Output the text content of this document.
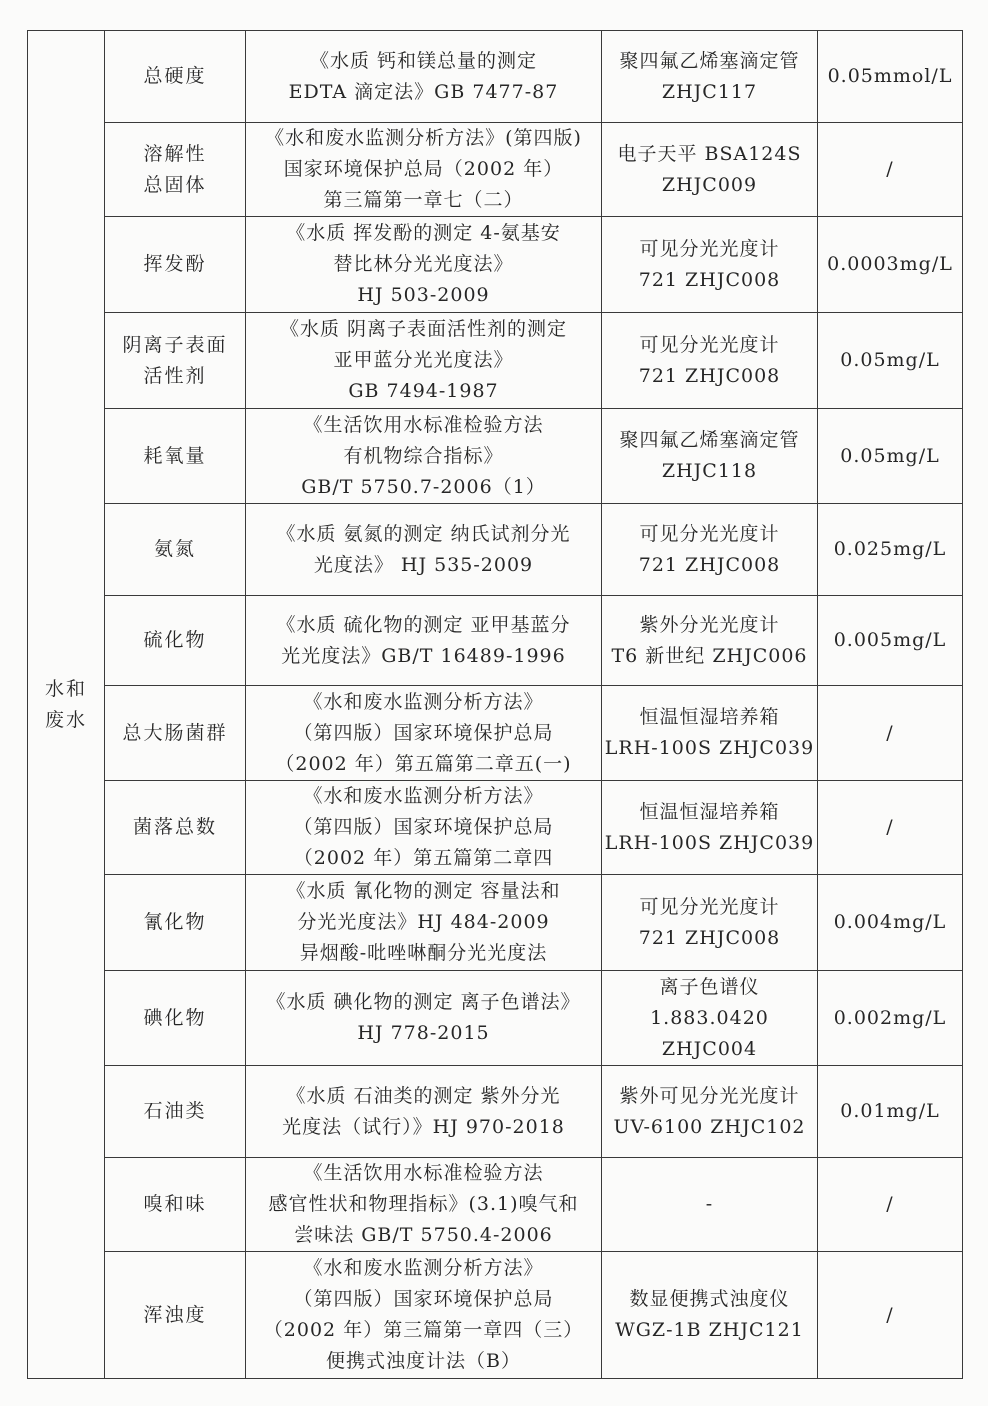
水和
废水
总硬度
《水质 钙和镁总量的测定
EDTA 滴定法》GB 7477-87
聚四氟乙烯塞滴定管
ZHJC117
0.05mmol/L
溶解性
总固体
《水和废水监测分析方法》(第四版)
国家环境保护总局（2002 年）
第三篇第一章七（二）
电子天平 BSA124S
ZHJC009
/
挥发酚
《水质 挥发酚的测定 4-氨基安
替比林分光光度法》
HJ 503-2009
可见分光光度计
721 ZHJC008
0.0003mg/L
阴离子表面
活性剂
《水质 阴离子表面活性剂的测定
亚甲蓝分光光度法》
GB 7494-1987
可见分光光度计
721 ZHJC008
0.05mg/L
耗氧量
《生活饮用水标准检验方法
有机物综合指标》
GB/T 5750.7-2006（1）
聚四氟乙烯塞滴定管
ZHJC118
0.05mg/L
氨氮
《水质 氨氮的测定 纳氏试剂分光
光度法》 HJ 535-2009
可见分光光度计
721 ZHJC008
0.025mg/L
硫化物
《水质 硫化物的测定 亚甲基蓝分
光光度法》GB/T 16489-1996
紫外分光光度计
T6 新世纪 ZHJC006
0.005mg/L
总大肠菌群
《水和废水监测分析方法》
（第四版）国家环境保护总局
（2002 年）第五篇第二章五(一)
恒温恒湿培养箱
LRH-100S ZHJC039
/
菌落总数
《水和废水监测分析方法》
（第四版）国家环境保护总局
（2002 年）第五篇第二章四
恒温恒湿培养箱
LRH-100S ZHJC039
/
氰化物
《水质 氰化物的测定 容量法和
分光光度法》HJ 484-2009
异烟酸-吡唑啉酮分光光度法
可见分光光度计
721 ZHJC008
0.004mg/L
碘化物
《水质 碘化物的测定 离子色谱法》
HJ 778-2015
离子色谱仪
1.883.0420
ZHJC004
0.002mg/L
石油类
《水质 石油类的测定 紫外分光
光度法（试行）》HJ 970-2018
紫外可见分光光度计
UV-6100 ZHJC102
0.01mg/L
嗅和味
《生活饮用水标准检验方法
感官性状和物理指标》(3.1)嗅气和
尝味法 GB/T 5750.4-2006
-	/
浑浊度
《水和废水监测分析方法》
（第四版）国家环境保护总局
（2002 年）第三篇第一章四（三）
便携式浊度计法（B）
数显便携式浊度仪
WGZ-1B ZHJC121
/
